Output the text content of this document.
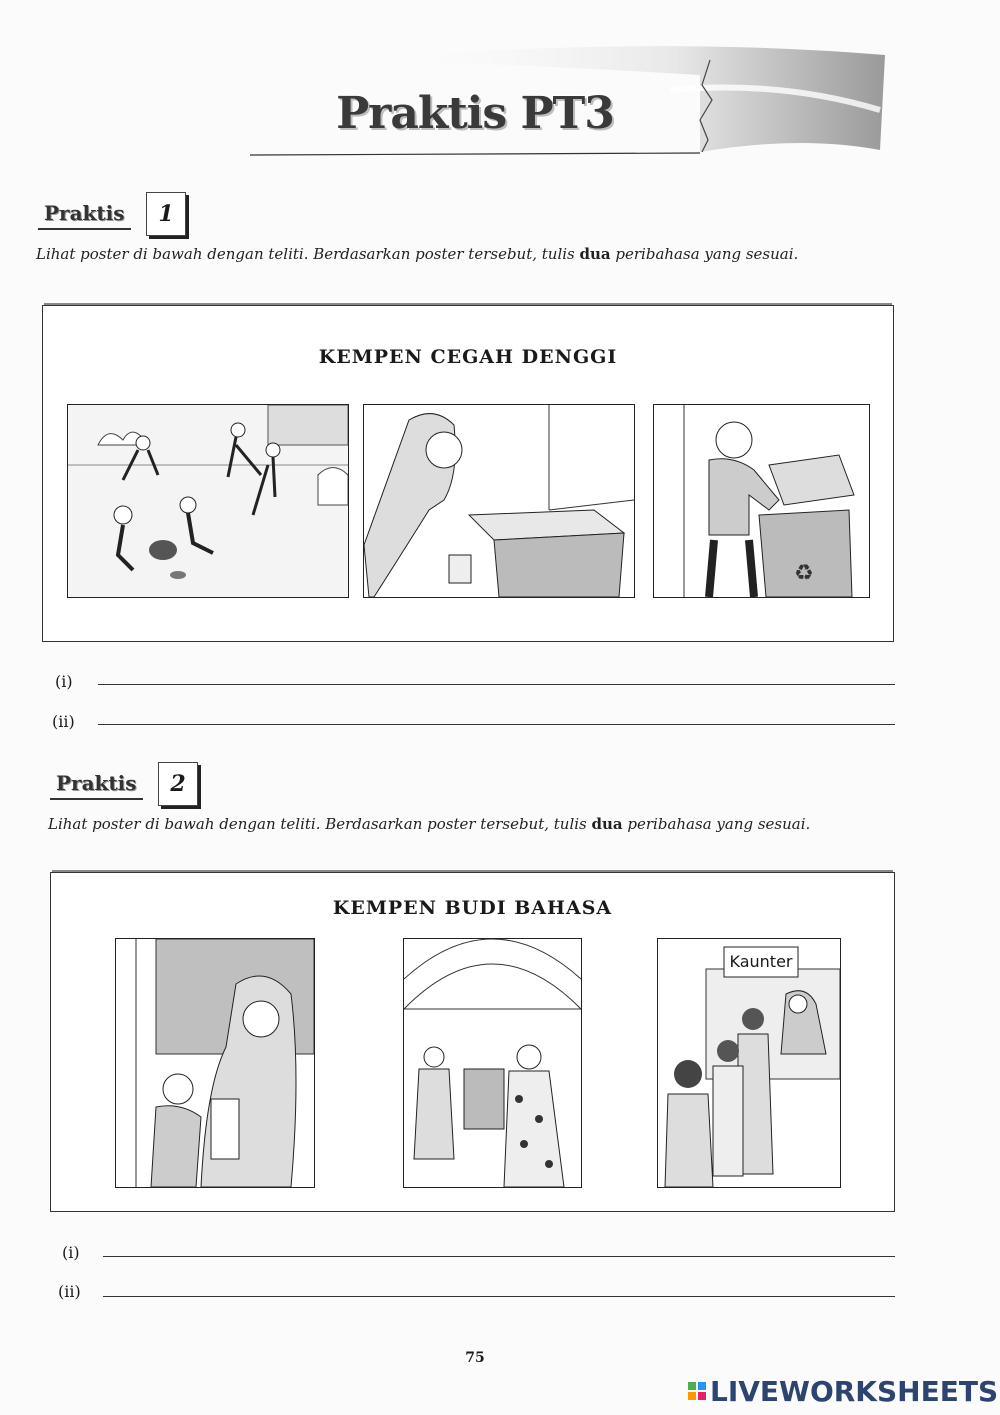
Praktis PT3
Praktis	1
Lihat poster di bawah dengan teliti. Berdasarkan poster tersebut, tulis dua peribahasa yang sesuai.
KEMPEN CEGAH DENGGI
♻
(i)
(ii)
Praktis	2
Lihat poster di bawah dengan teliti. Berdasarkan poster tersebut, tulis dua peribahasa yang sesuai.
KEMPEN BUDI BAHASA
Kaunter
(i)
(ii)
75
LIVEWORKSHEETS
